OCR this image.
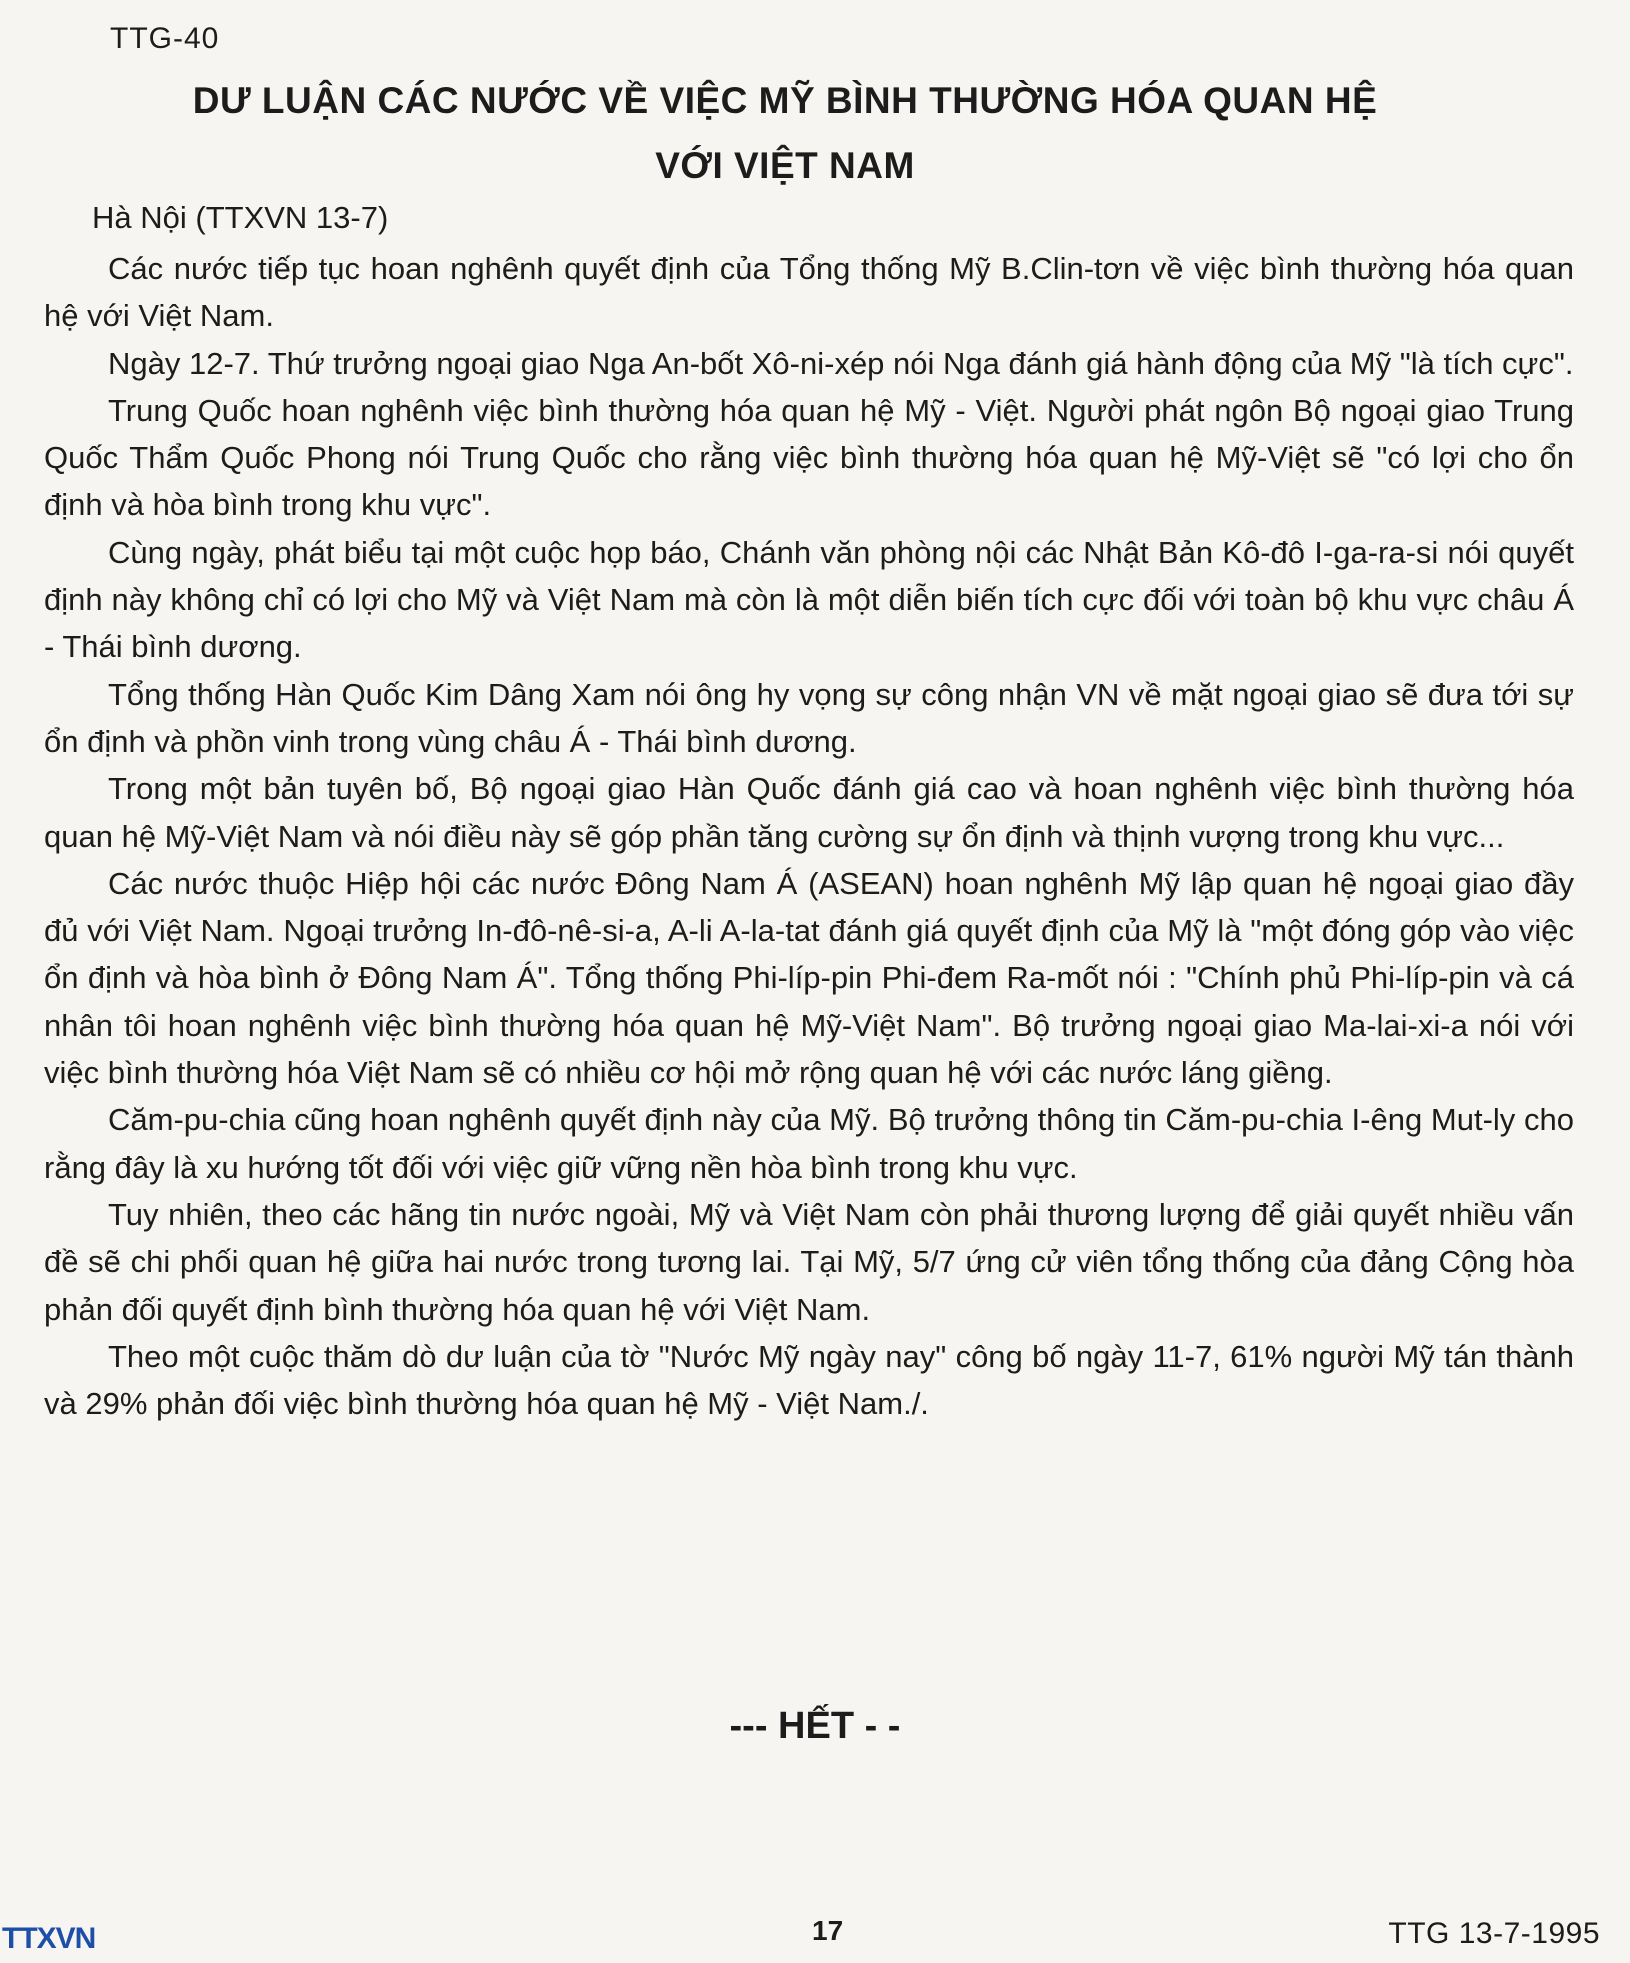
TTG-40
DƯ LUẬN CÁC NƯỚC VỀ VIỆC MỸ BÌNH THƯỜNG HÓA QUAN HỆ
VỚI VIỆT NAM
Hà Nội (TTXVN 13-7)

Các nước tiếp tục hoan nghênh quyết định của Tổng thống Mỹ B.Clin-tơn về việc bình thường hóa quan hệ với Việt Nam.

Ngày 12-7. Thứ trưởng ngoại giao Nga An-bốt Xô-ni-xép nói Nga đánh giá hành động của Mỹ "là tích cực".

Trung Quốc hoan nghênh việc bình thường hóa quan hệ Mỹ - Việt. Người phát ngôn Bộ ngoại giao Trung Quốc Thẩm Quốc Phong nói Trung Quốc cho rằng việc bình thường hóa quan hệ Mỹ-Việt sẽ "có lợi cho ổn định và hòa bình trong khu vực".

Cùng ngày, phát biểu tại một cuộc họp báo, Chánh văn phòng nội các Nhật Bản Kô-đô I-ga-ra-si nói quyết định này không chỉ có lợi cho Mỹ và Việt Nam mà còn là một diễn biến tích cực đối với toàn bộ khu vực châu Á - Thái bình dương.

Tổng thống Hàn Quốc Kim Dâng Xam nói ông hy vọng sự công nhận VN về mặt ngoại giao sẽ đưa tới sự ổn định và phồn vinh trong vùng châu Á - Thái bình dương.

Trong một bản tuyên bố, Bộ ngoại giao Hàn Quốc đánh giá cao và hoan nghênh việc bình thường hóa quan hệ Mỹ-Việt Nam và nói điều này sẽ góp phần tăng cường sự ổn định và thịnh vượng trong khu vực...

Các nước thuộc Hiệp hội các nước Đông Nam Á (ASEAN) hoan nghênh Mỹ lập quan hệ ngoại giao đầy đủ với Việt Nam. Ngoại trưởng In-đô-nê-si-a, A-li A-la-tat đánh giá quyết định của Mỹ là "một đóng góp vào việc ổn định và hòa bình ở Đông Nam Á". Tổng thống Phi-líp-pin Phi-đem Ra-mốt nói : "Chính phủ Phi-líp-pin và cá nhân tôi hoan nghênh việc bình thường hóa quan hệ Mỹ-Việt Nam". Bộ trưởng ngoại giao Ma-lai-xi-a nói với việc bình thường hóa Việt Nam sẽ có nhiều cơ hội mở rộng quan hệ với các nước láng giềng.

Căm-pu-chia cũng hoan nghênh quyết định này của Mỹ. Bộ trưởng thông tin Căm-pu-chia I-êng Mut-ly cho rằng đây là xu hướng tốt đối với việc giữ vững nền hòa bình trong khu vực.

Tuy nhiên, theo các hãng tin nước ngoài, Mỹ và Việt Nam còn phải thương lượng để giải quyết nhiều vấn đề sẽ chi phối quan hệ giữa hai nước trong tương lai. Tại Mỹ, 5/7 ứng cử viên tổng thống của đảng Cộng hòa phản đối quyết định bình thường hóa quan hệ với Việt Nam.

Theo một cuộc thăm dò dư luận của tờ "Nước Mỹ ngày nay" công bố ngày 11-7, 61% người Mỹ tán thành và 29% phản đối việc bình thường hóa quan hệ Mỹ - Việt Nam./.

--- HẾT - -
TTXVN	17	TTG 13-7-1995
